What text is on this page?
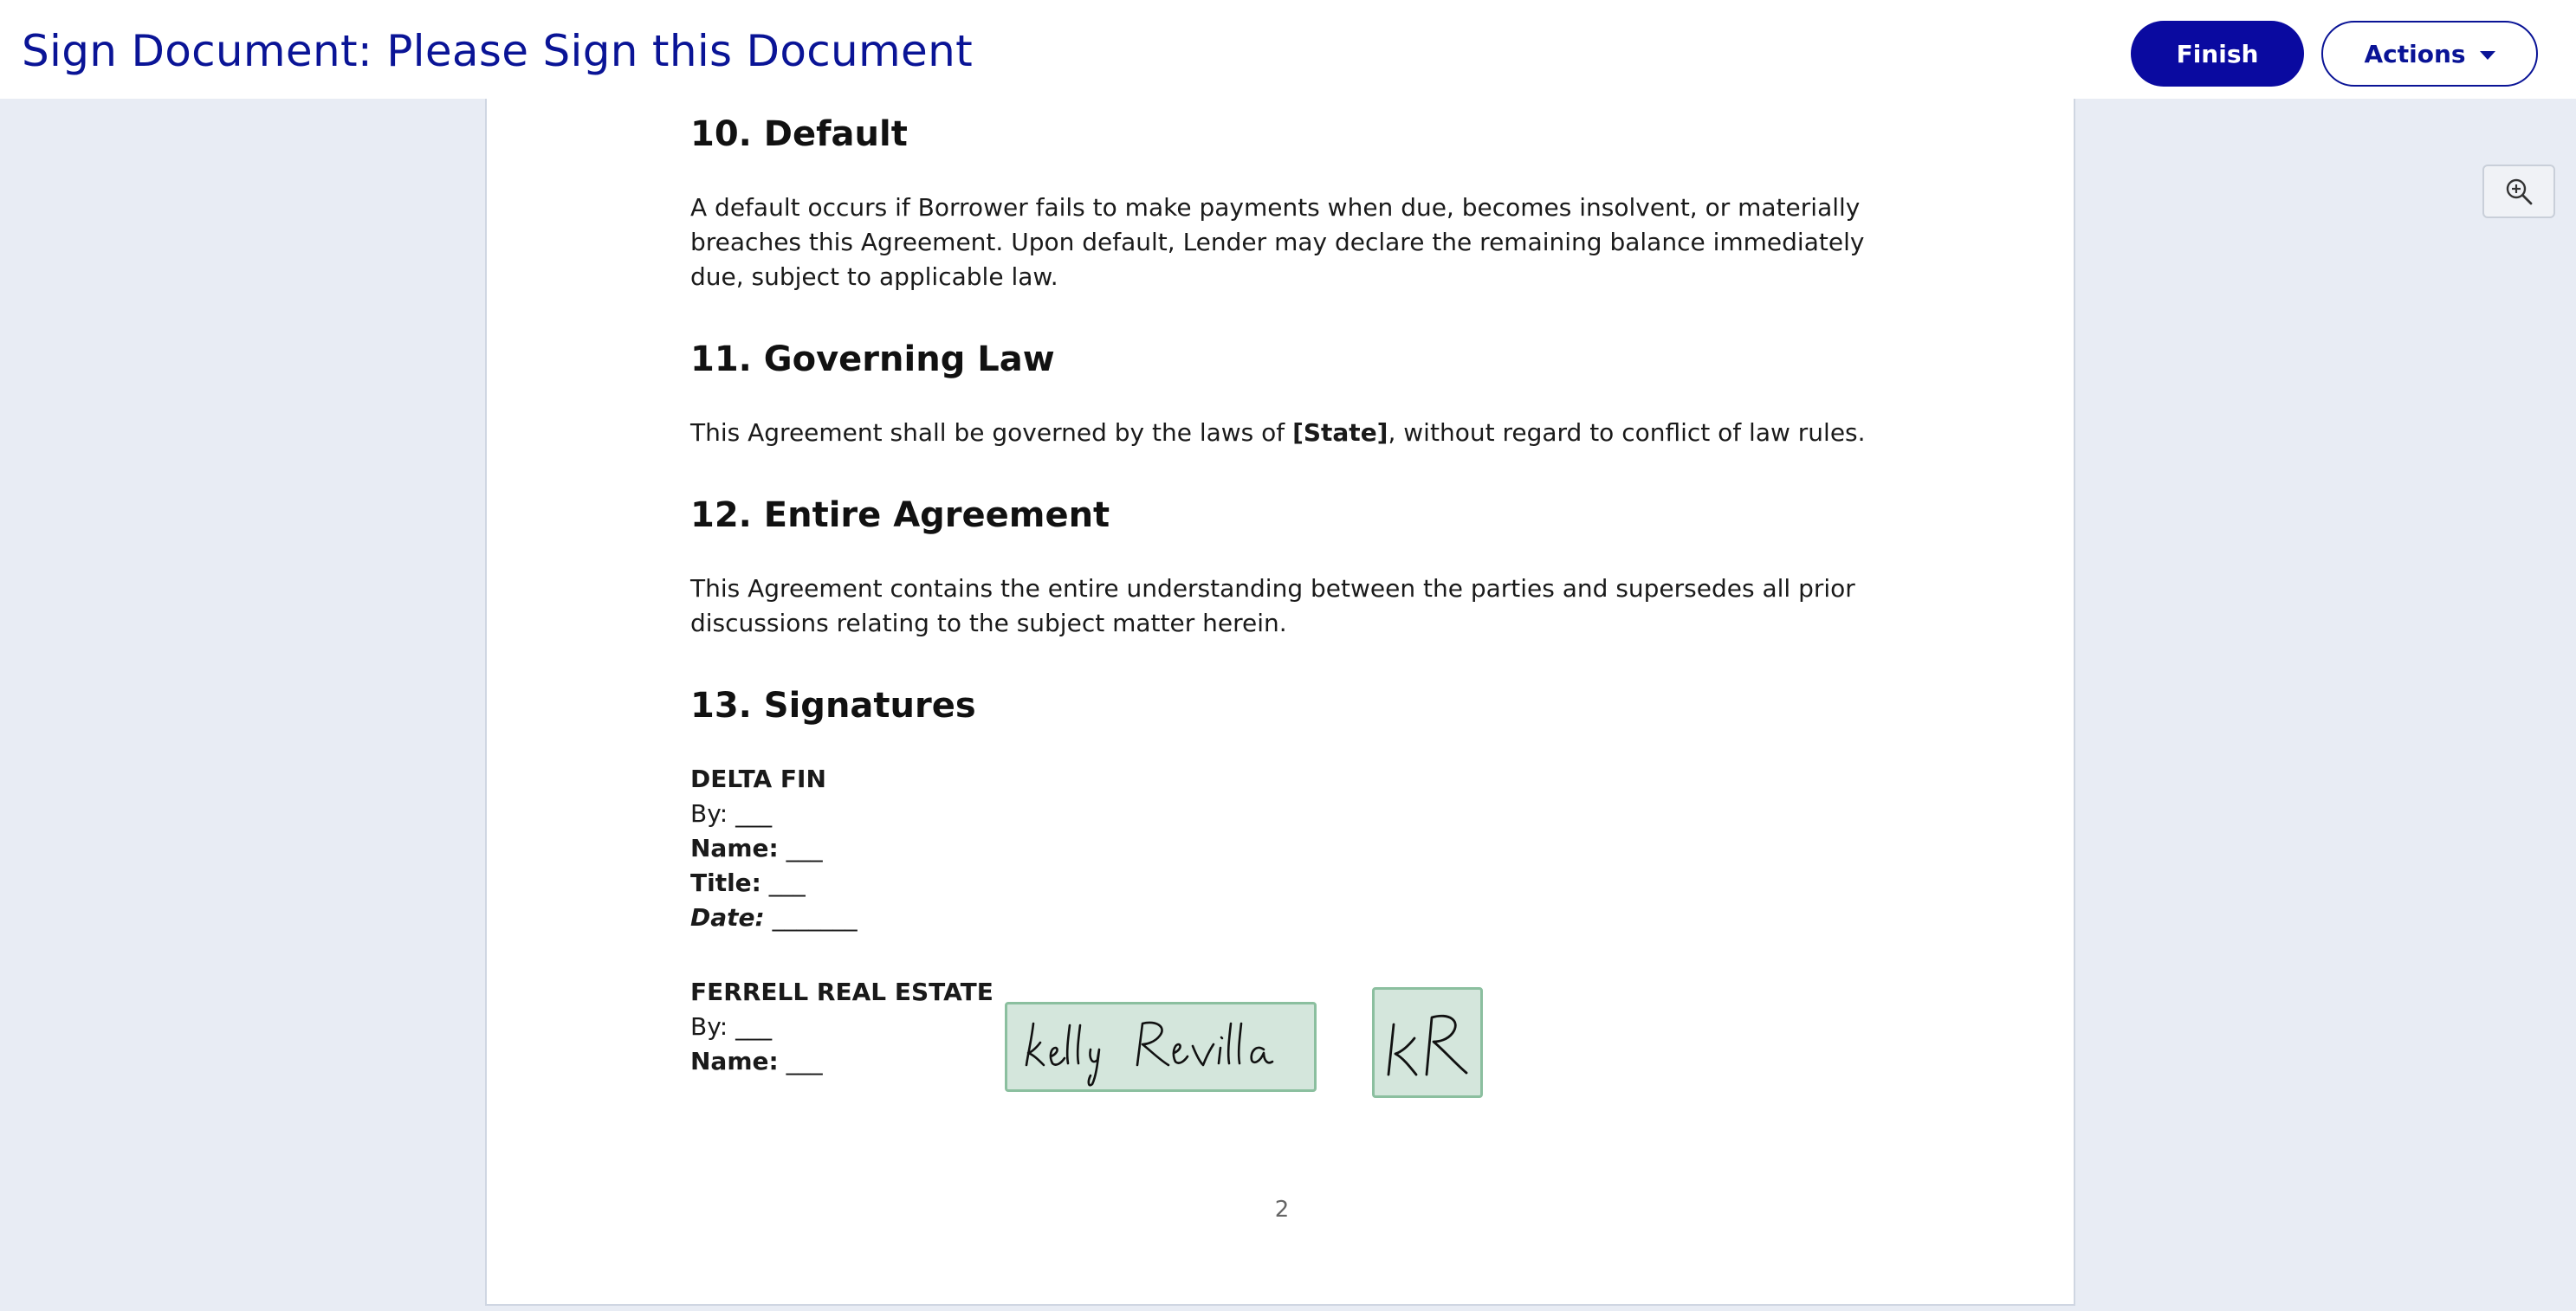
Sign Document: Please Sign this Document	Finish	Actions
10. Default

A default occurs if Borrower fails to make payments when due, becomes insolvent, or materially breaches this Agreement. Upon default, Lender may declare the remaining balance immediately due, subject to applicable law.

11. Governing Law

This Agreement shall be governed by the laws of [State], without regard to conflict of law rules.

12. Entire Agreement

This Agreement contains the entire understanding between the parties and supersedes all prior discussions relating to the subject matter herein.

13. Signatures

DELTA FIN

By: ___

Name: ___

Title: ___

Date: _______

FERRELL REAL ESTATE

By: ___

Name: ___

2
